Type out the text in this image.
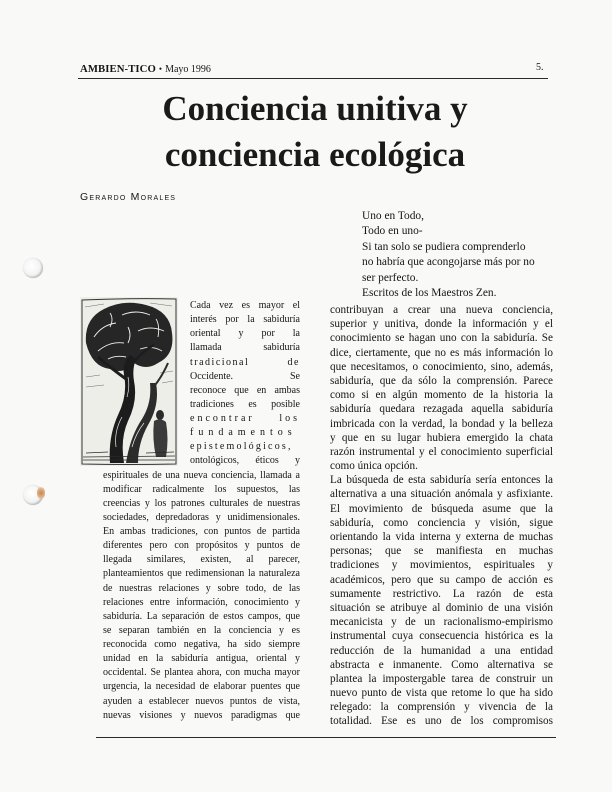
AMBIEN-TICO • Mayo 1996	5.
Conciencia unitiva y
conciencia ecológica
Gerardo Morales
Uno en Todo,
Todo en uno-
Si tan solo se pudiera comprenderlo
no habría que acongojarse más por no
ser perfecto.
Escritos de los Maestros Zen.
Cada vez es mayor el
interés por la sabiduría
oriental y por la
llamada sabiduría
tradicional de
Occidente. Se
reconoce que en ambas
tradiciones es posible
encontrar los
fundamentos
epistemológicos,
ontológicos, éticos y
espirituales de una nueva conciencia, llamada a
modificar radicalmente los supuestos, las
creencias y los patrones culturales de nuestras
sociedades, depredadoras y unidimensionales.
En ambas tradiciones, con puntos de partida
diferentes pero con propósitos y puntos de
llegada similares, existen, al parecer,
planteamientos que redimensionan la naturaleza
de nuestras relaciones y sobre todo, de las
relaciones entre información, conocimiento y
sabiduría. La separación de estos campos, que
se separan también en la conciencia y es
reconocida como negativa, ha sido siempre
unidad en la sabiduría antigua, oriental y
occidental. Se plantea ahora, con mucha mayor
urgencia, la necesidad de elaborar puentes que
ayuden a establecer nuevos puntos de vista,
nuevas visiones y nuevos paradigmas que
contribuyan a crear una nueva conciencia,
superior y unitiva, donde la información y el
conocimiento se hagan uno con la sabiduría. Se
dice, ciertamente, que no es más información lo
que necesitamos, o conocimiento, sino, además,
sabiduría, que da sólo la comprensión. Parece
como si en algún momento de la historia la
sabiduría quedara rezagada aquella sabiduría
imbricada con la verdad, la bondad y la belleza
y que en su lugar hubiera emergido la chata
razón instrumental y el conocimiento superficial
como única opción.
La búsqueda de esta sabiduría sería entonces la
alternativa a una situación anómala y asfixiante.
El movimiento de búsqueda asume que la
sabiduría, como conciencia y visión, sigue
orientando la vida interna y externa de muchas
personas; que se manifiesta en muchas
tradiciones y movimientos, espirituales y
académicos, pero que su campo de acción es
sumamente restrictivo. La razón de esta
situación se atribuye al dominio de una visión
mecanicista y de un racionalismo-empirismo
instrumental cuya consecuencia histórica es la
reducción de la humanidad a una entidad
abstracta e inmanente. Como alternativa se
plantea la impostergable tarea de construir un
nuevo punto de vista que retome lo que ha sido
relegado: la comprensión y vivencia de la
totalidad. Ese es uno de los compromisos
